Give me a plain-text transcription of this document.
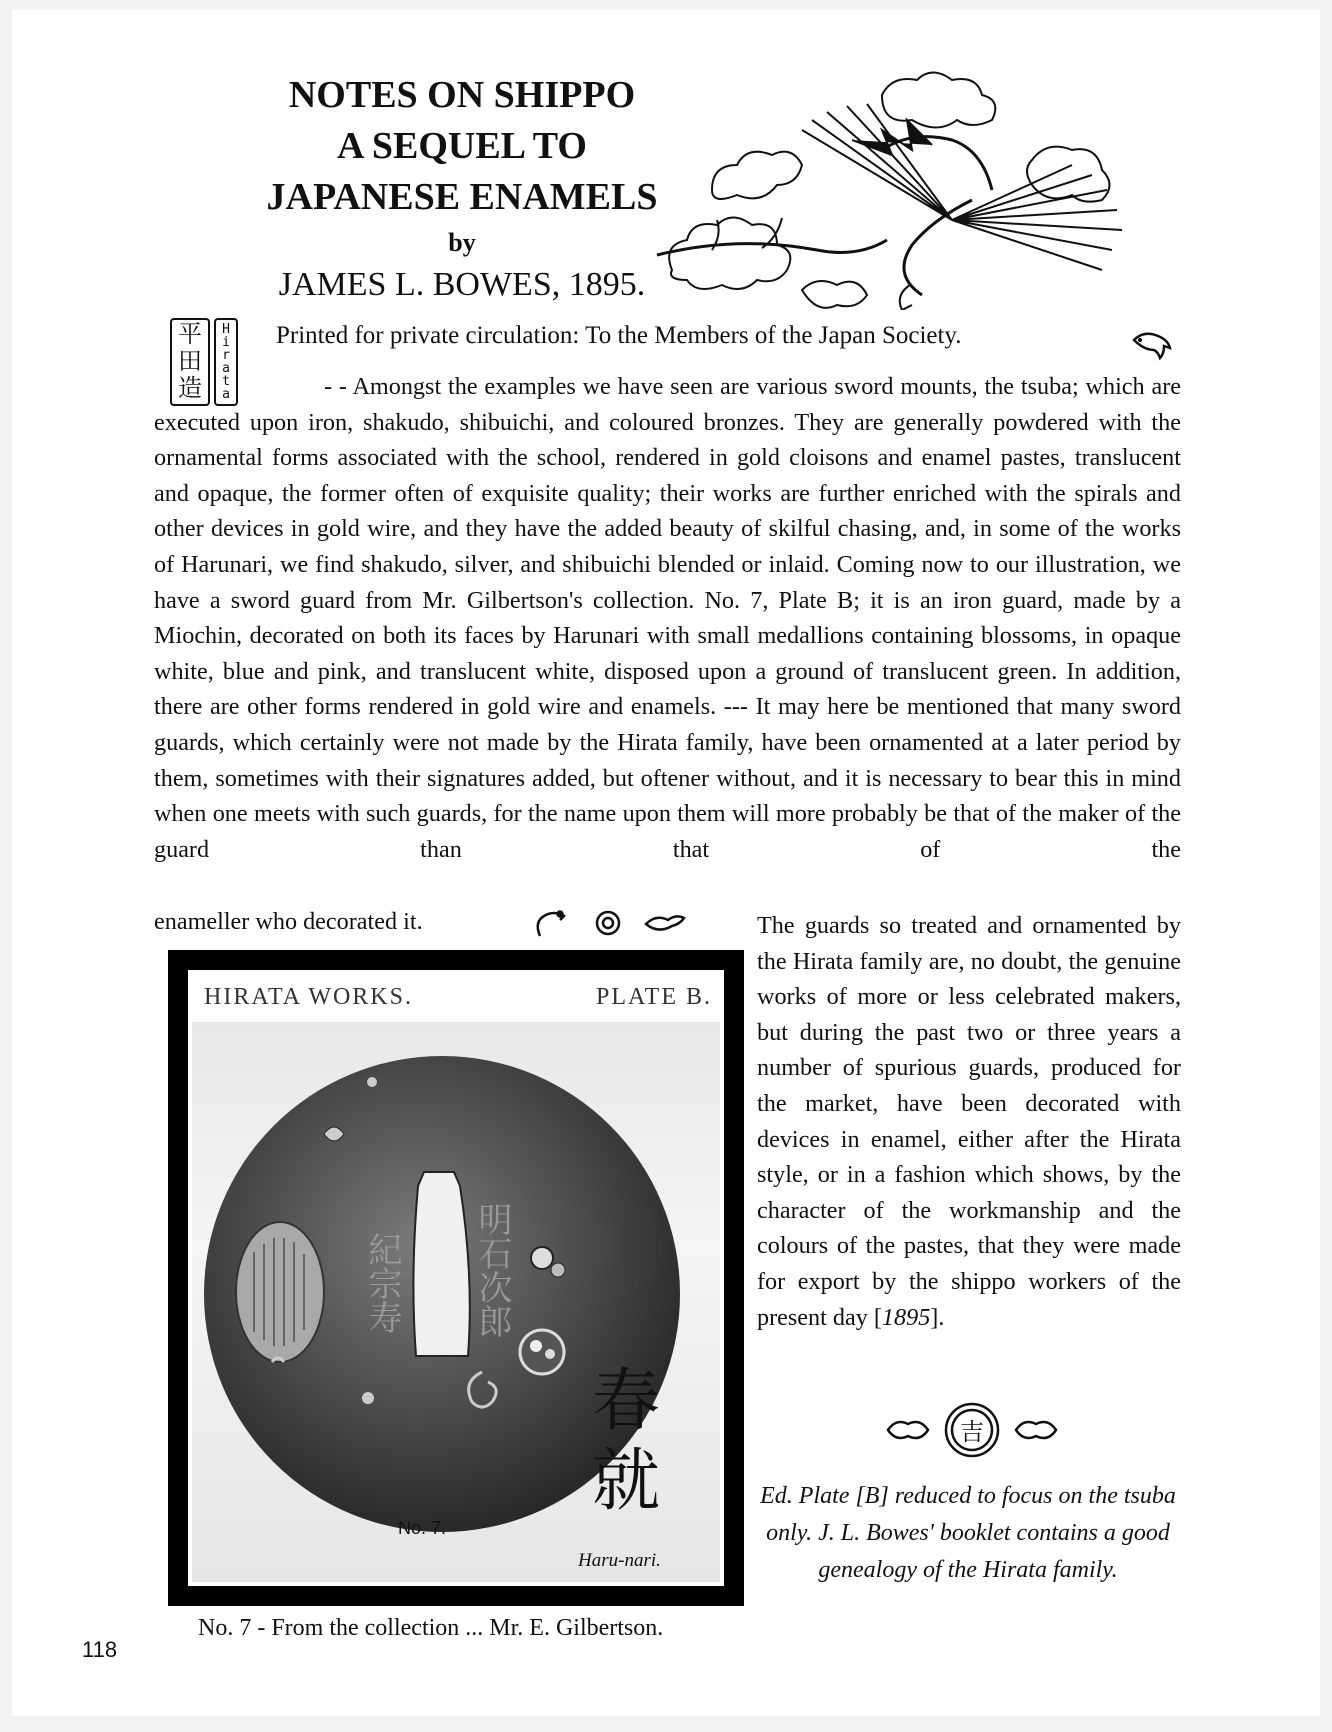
NOTES ON SHIPPO
A SEQUEL TO
JAPANESE ENAMELS
by
JAMES L. BOWES, 1895.
平
田
造	Hirata Printed for private circulation: To the Members of the Japan Society.
- - Amongst the examples we have seen are various sword mounts, the tsuba; which are executed upon iron, shakudo, shibuichi, and coloured bronzes. They are generally powdered with the ornamental forms associated with the school, rendered in gold cloisons and enamel pastes, translucent and opaque, the former often of exquisite quality; their works are further enriched with the spirals and other devices in gold wire, and they have the added beauty of skilful chasing, and, in some of the works of Harunari, we find shakudo, silver, and shibuichi blended or inlaid. Coming now to our illustration, we have a sword guard from Mr. Gilbertson's collection. No. 7, Plate B; it is an iron guard, made by a Miochin, decorated on both its faces by Harunari with small medallions containing blossoms, in opaque white, blue and pink, and translucent white, disposed upon a ground of translucent green. In addition, there are other forms rendered in gold wire and enamels. --- It may here be mentioned that many sword guards, which certainly were not made by the Hirata family, have been ornamented at a later period by them, sometimes with their signatures added, but oftener without, and it is necessary to bear this in mind when one meets with such guards, for the name upon them will more probably be that of the maker of the guard than that of the
enameller who decorated it.
HIRATA WORKS.	PLATE B.
紀宗寿 明石次郎
春
就
No. 7.
Haru-nari.
The guards so treated and ornamented by the Hirata family are, no doubt, the genuine works of more or less celebrated makers, but during the past two or three years a number of spurious guards, produced for the market, have been decorated with devices in enamel, either after the Hirata style, or in a fashion which shows, by the character of the workmanship and the colours of the pastes, that they were made for export by the shippo workers of the present day [1895].
吉
Ed. Plate [B] reduced to focus on the tsuba only. J. L. Bowes' booklet contains a good genealogy of the Hirata family.
No. 7 - From the collection ... Mr. E. Gilbertson.
118
